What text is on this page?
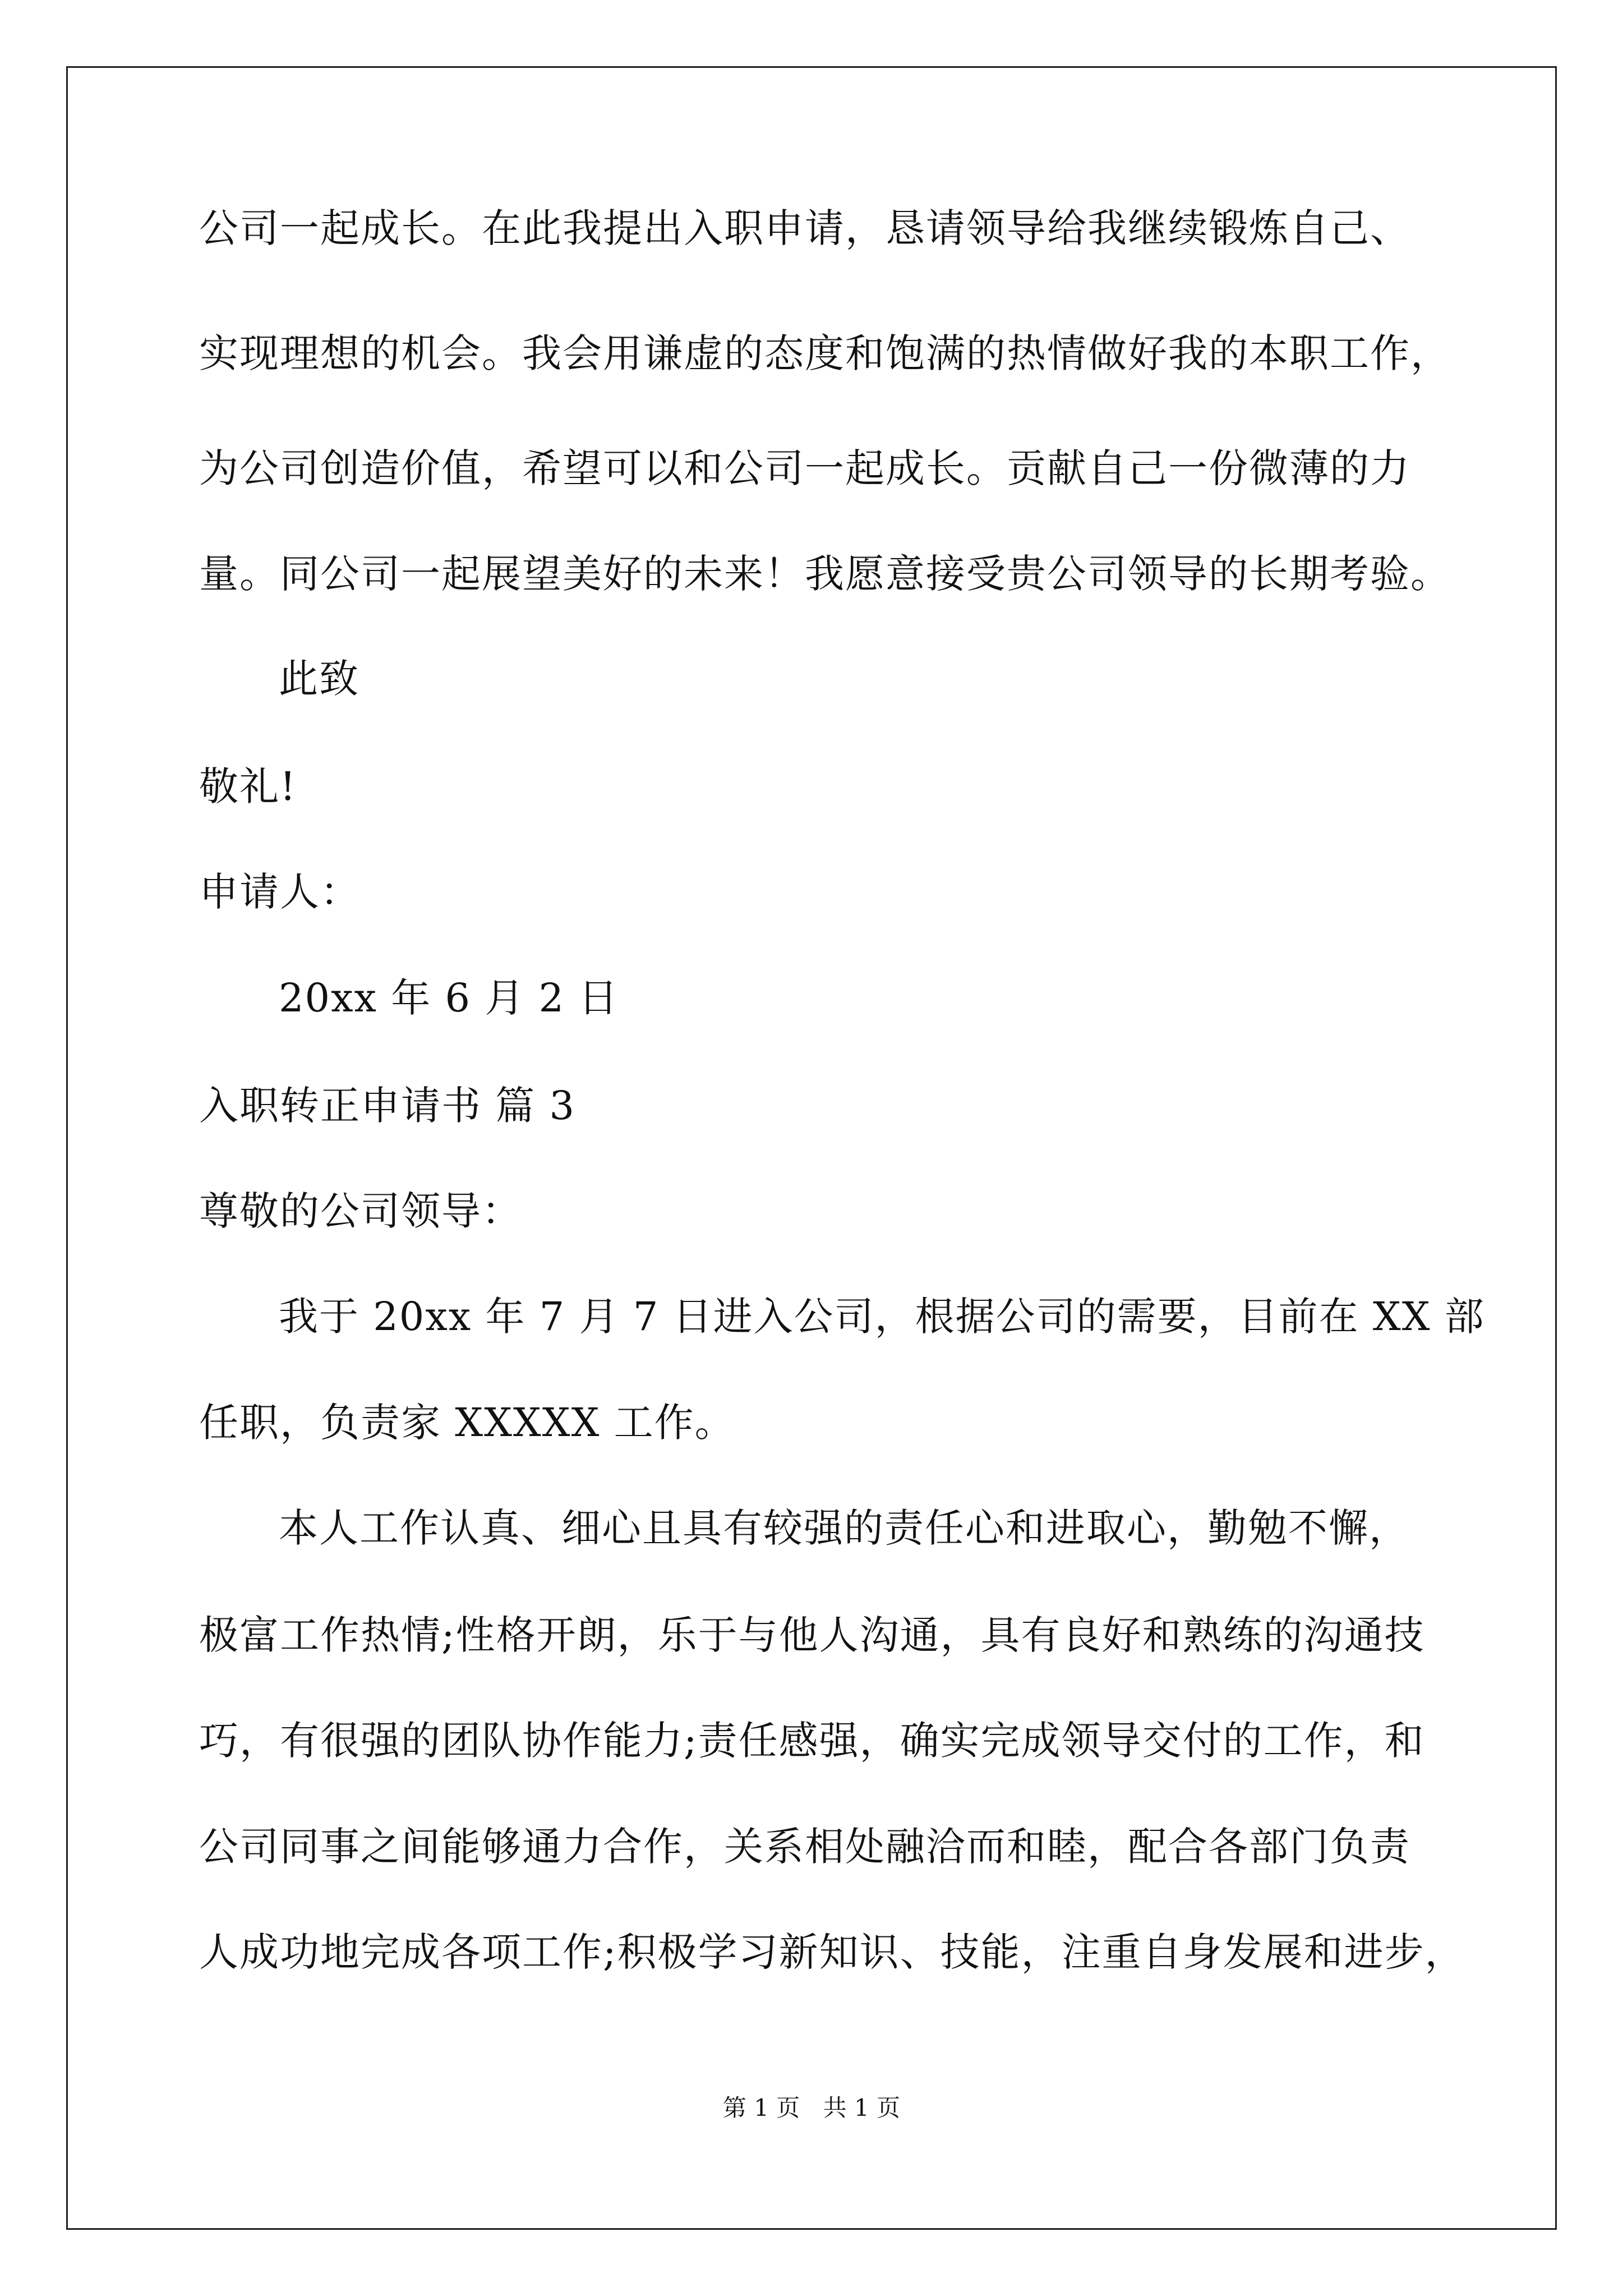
公司一起成长。在此我提出入职申请，恳请领导给我继续锻炼自己、
实现理想的机会。我会用谦虚的态度和饱满的热情做好我的本职工作，
为公司创造价值，希望可以和公司一起成长。贡献自己一份微薄的力
量。同公司一起展望美好的未来！我愿意接受贵公司领导的长期考验。
此致
敬礼!
申请人：
20xx 年 6 月 2 日
入职转正申请书 篇 3
尊敬的公司领导：
我于 20xx 年 7 月 7 日进入公司，根据公司的需要，目前在 XX 部
任职，负责家 XXXXX 工作。
本人工作认真、细心且具有较强的责任心和进取心，勤勉不懈，
极富工作热情;性格开朗，乐于与他人沟通，具有良好和熟练的沟通技
巧，有很强的团队协作能力;责任感强，确实完成领导交付的工作，和
公司同事之间能够通力合作，关系相处融洽而和睦，配合各部门负责
人成功地完成各项工作;积极学习新知识、技能，注重自身发展和进步，
第 1 页 共 1 页
